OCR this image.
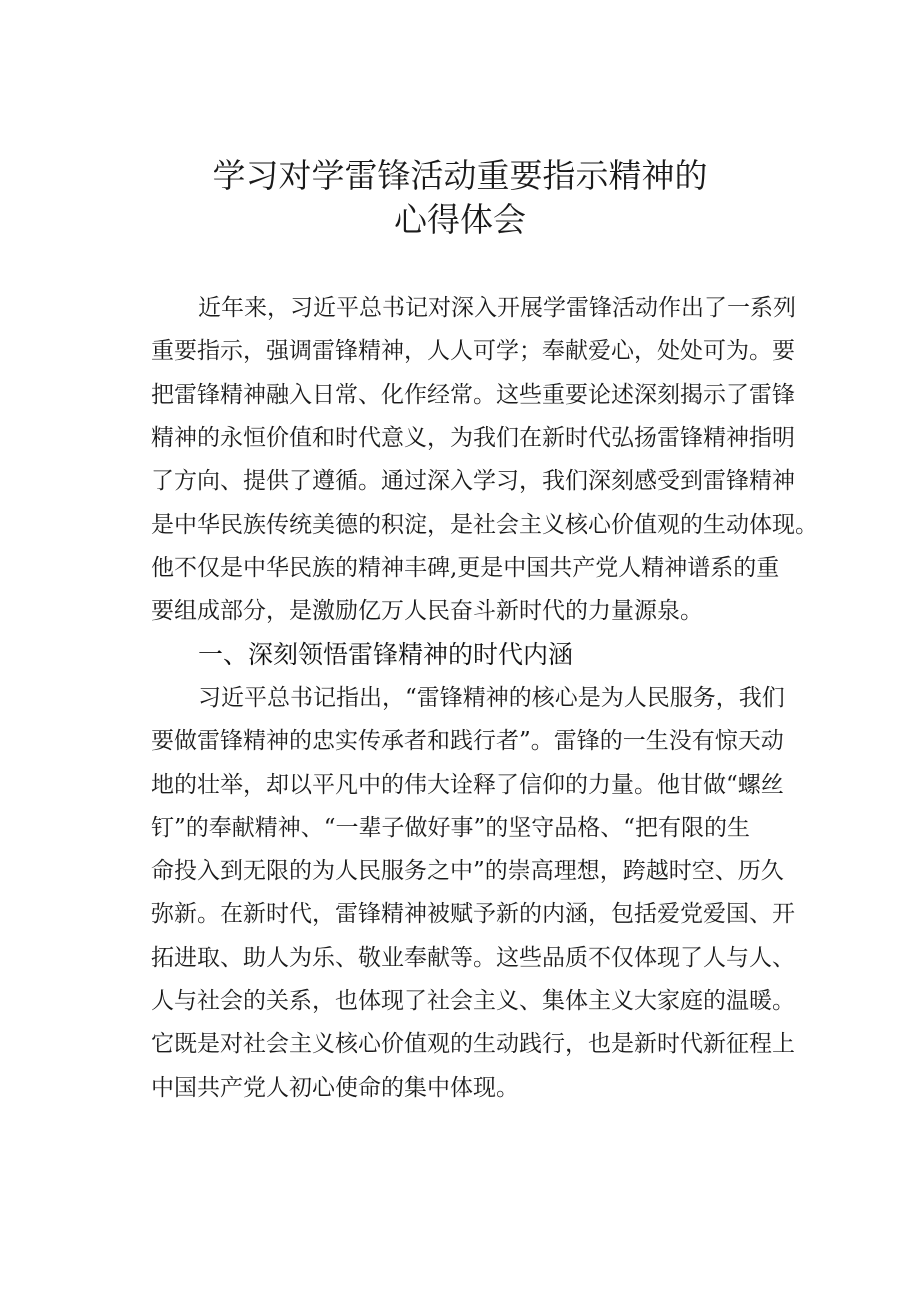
学习对学雷锋活动重要指示精神的
心得体会

近年来，习近平总书记对深入开展学雷锋活动作出了一系列

重要指示，强调雷锋精神，人人可学；奉献爱心，处处可为。要

把雷锋精神融入日常、化作经常。这些重要论述深刻揭示了雷锋

精神的永恒价值和时代意义，为我们在新时代弘扬雷锋精神指明

了方向、提供了遵循。通过深入学习，我们深刻感受到雷锋精神

是中华民族传统美德的积淀，是社会主义核心价值观的生动体现。

他不仅是中华民族的精神丰碑,更是中国共产党人精神谱系的重

要组成部分，是激励亿万人民奋斗新时代的力量源泉。

一、深刻领悟雷锋精神的时代内涵

习近平总书记指出，“雷锋精神的核心是为人民服务，我们

要做雷锋精神的忠实传承者和践行者”。雷锋的一生没有惊天动

地的壮举，却以平凡中的伟大诠释了信仰的力量。他甘做“螺丝

钉”的奉献精神、“一辈子做好事”的坚守品格、“把有限的生

命投入到无限的为人民服务之中”的崇高理想，跨越时空、历久

弥新。在新时代，雷锋精神被赋予新的内涵，包括爱党爱国、开

拓进取、助人为乐、敬业奉献等。这些品质不仅体现了人与人、

人与社会的关系，也体现了社会主义、集体主义大家庭的温暖。

它既是对社会主义核心价值观的生动践行，也是新时代新征程上

中国共产党人初心使命的集中体现。
